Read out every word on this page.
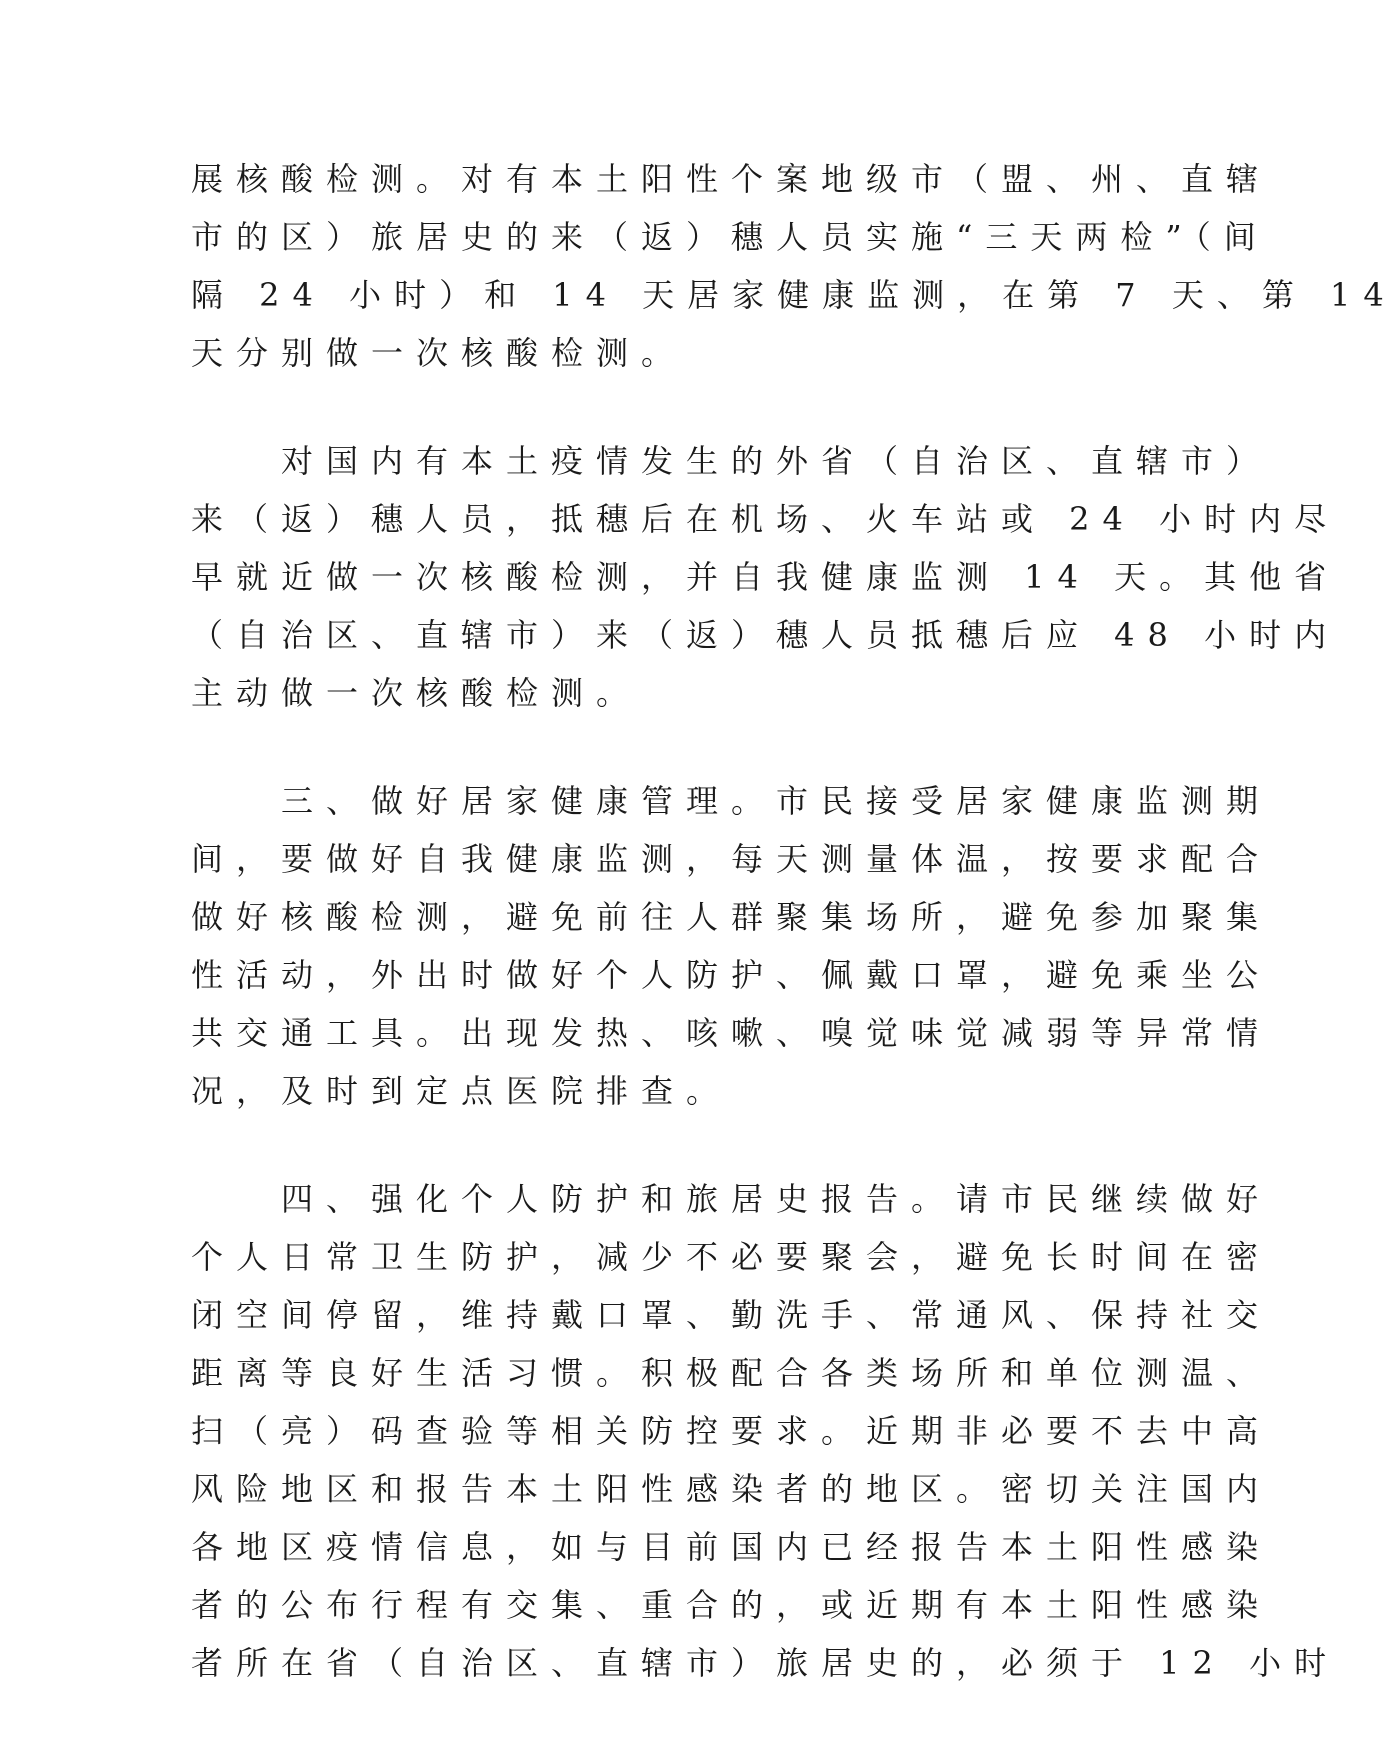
展核酸检测。对有本土阳性个案地级市（盟、州、直辖
市的区）旅居史的来（返）穗人员实施“三天两检”（间
隔 24 小时）和 14 天居家健康监测，在第 7 天、第 14
天分别做一次核酸检测。
　　对国内有本土疫情发生的外省（自治区、直辖市）
来（返）穗人员，抵穗后在机场、火车站或 24 小时内尽
早就近做一次核酸检测，并自我健康监测 14 天。其他省
（自治区、直辖市）来（返）穗人员抵穗后应 48 小时内
主动做一次核酸检测。
　　三、做好居家健康管理。市民接受居家健康监测期
间，要做好自我健康监测，每天测量体温，按要求配合
做好核酸检测，避免前往人群聚集场所，避免参加聚集
性活动，外出时做好个人防护、佩戴口罩，避免乘坐公
共交通工具。出现发热、咳嗽、嗅觉味觉减弱等异常情
况，及时到定点医院排查。
　　四、强化个人防护和旅居史报告。请市民继续做好
个人日常卫生防护，减少不必要聚会，避免长时间在密
闭空间停留，维持戴口罩、勤洗手、常通风、保持社交
距离等良好生活习惯。积极配合各类场所和单位测温、
扫（亮）码查验等相关防控要求。近期非必要不去中高
风险地区和报告本土阳性感染者的地区。密切关注国内
各地区疫情信息，如与目前国内已经报告本土阳性感染
者的公布行程有交集、重合的，或近期有本土阳性感染
者所在省（自治区、直辖市）旅居史的，必须于 12 小时
